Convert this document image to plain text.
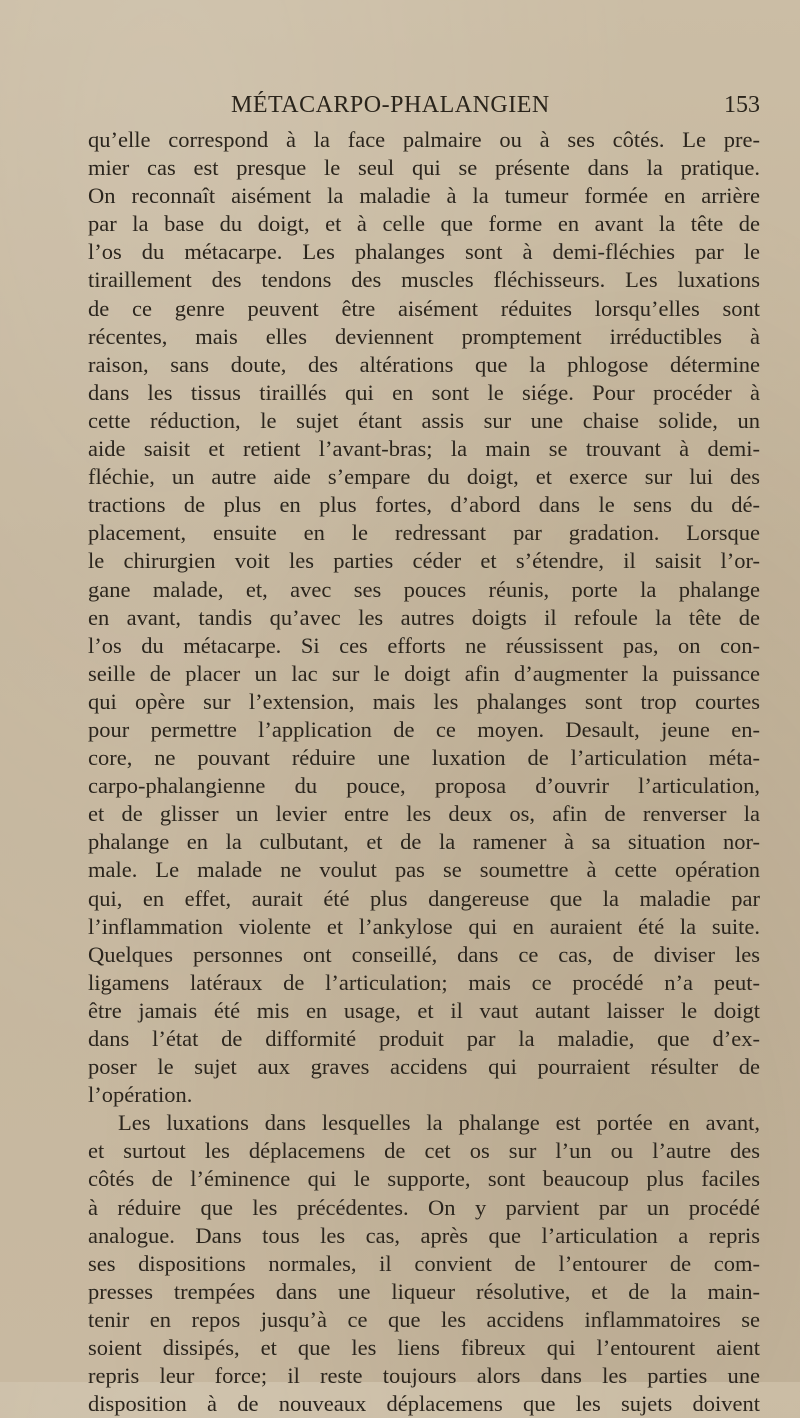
MÉTACARPO-PHALANGIEN	153
qu’elle correspond à la face palmaire ou à ses côtés. Le pre-
mier cas est presque le seul qui se présente dans la pratique.
On reconnaît aisément la maladie à la tumeur formée en arrière
par la base du doigt, et à celle que forme en avant la tête de
l’os du métacarpe. Les phalanges sont à demi-fléchies par le
tiraillement des tendons des muscles fléchisseurs. Les luxations
de ce genre peuvent être aisément réduites lorsqu’elles sont
récentes, mais elles deviennent promptement irréductibles à
raison, sans doute, des altérations que la phlogose détermine
dans les tissus tiraillés qui en sont le siége. Pour procéder à
cette réduction, le sujet étant assis sur une chaise solide, un
aide saisit et retient l’avant-bras; la main se trouvant à demi-
fléchie, un autre aide s’empare du doigt, et exerce sur lui des
tractions de plus en plus fortes, d’abord dans le sens du dé-
placement, ensuite en le redressant par gradation. Lorsque
le chirurgien voit les parties céder et s’étendre, il saisit l’or-
gane malade, et, avec ses pouces réunis, porte la phalange
en avant, tandis qu’avec les autres doigts il refoule la tête de
l’os du métacarpe. Si ces efforts ne réussissent pas, on con-
seille de placer un lac sur le doigt afin d’augmenter la puissance
qui opère sur l’extension, mais les phalanges sont trop courtes
pour permettre l’application de ce moyen. Desault, jeune en-
core, ne pouvant réduire une luxation de l’articulation méta-
carpo-phalangienne du pouce, proposa d’ouvrir l’articulation,
et de glisser un levier entre les deux os, afin de renverser la
phalange en la culbutant, et de la ramener à sa situation nor-
male. Le malade ne voulut pas se soumettre à cette opération
qui, en effet, aurait été plus dangereuse que la maladie par
l’inflammation violente et l’ankylose qui en auraient été la suite.
Quelques personnes ont conseillé, dans ce cas, de diviser les
ligamens latéraux de l’articulation; mais ce procédé n’a peut-
être jamais été mis en usage, et il vaut autant laisser le doigt
dans l’état de difformité produit par la maladie, que d’ex-
poser le sujet aux graves accidens qui pourraient résulter de
l’opération.
Les luxations dans lesquelles la phalange est portée en avant,
et surtout les déplacemens de cet os sur l’un ou l’autre des
côtés de l’éminence qui le supporte, sont beaucoup plus faciles
à réduire que les précédentes. On y parvient par un procédé
analogue. Dans tous les cas, après que l’articulation a repris
ses dispositions normales, il convient de l’entourer de com-
presses trempées dans une liqueur résolutive, et de la main-
tenir en repos jusqu’à ce que les accidens inflammatoires se
soient dissipés, et que les liens fibreux qui l’entourent aient
repris leur force; il reste toujours alors dans les parties une
disposition à de nouveaux déplacemens que les sujets doivent
